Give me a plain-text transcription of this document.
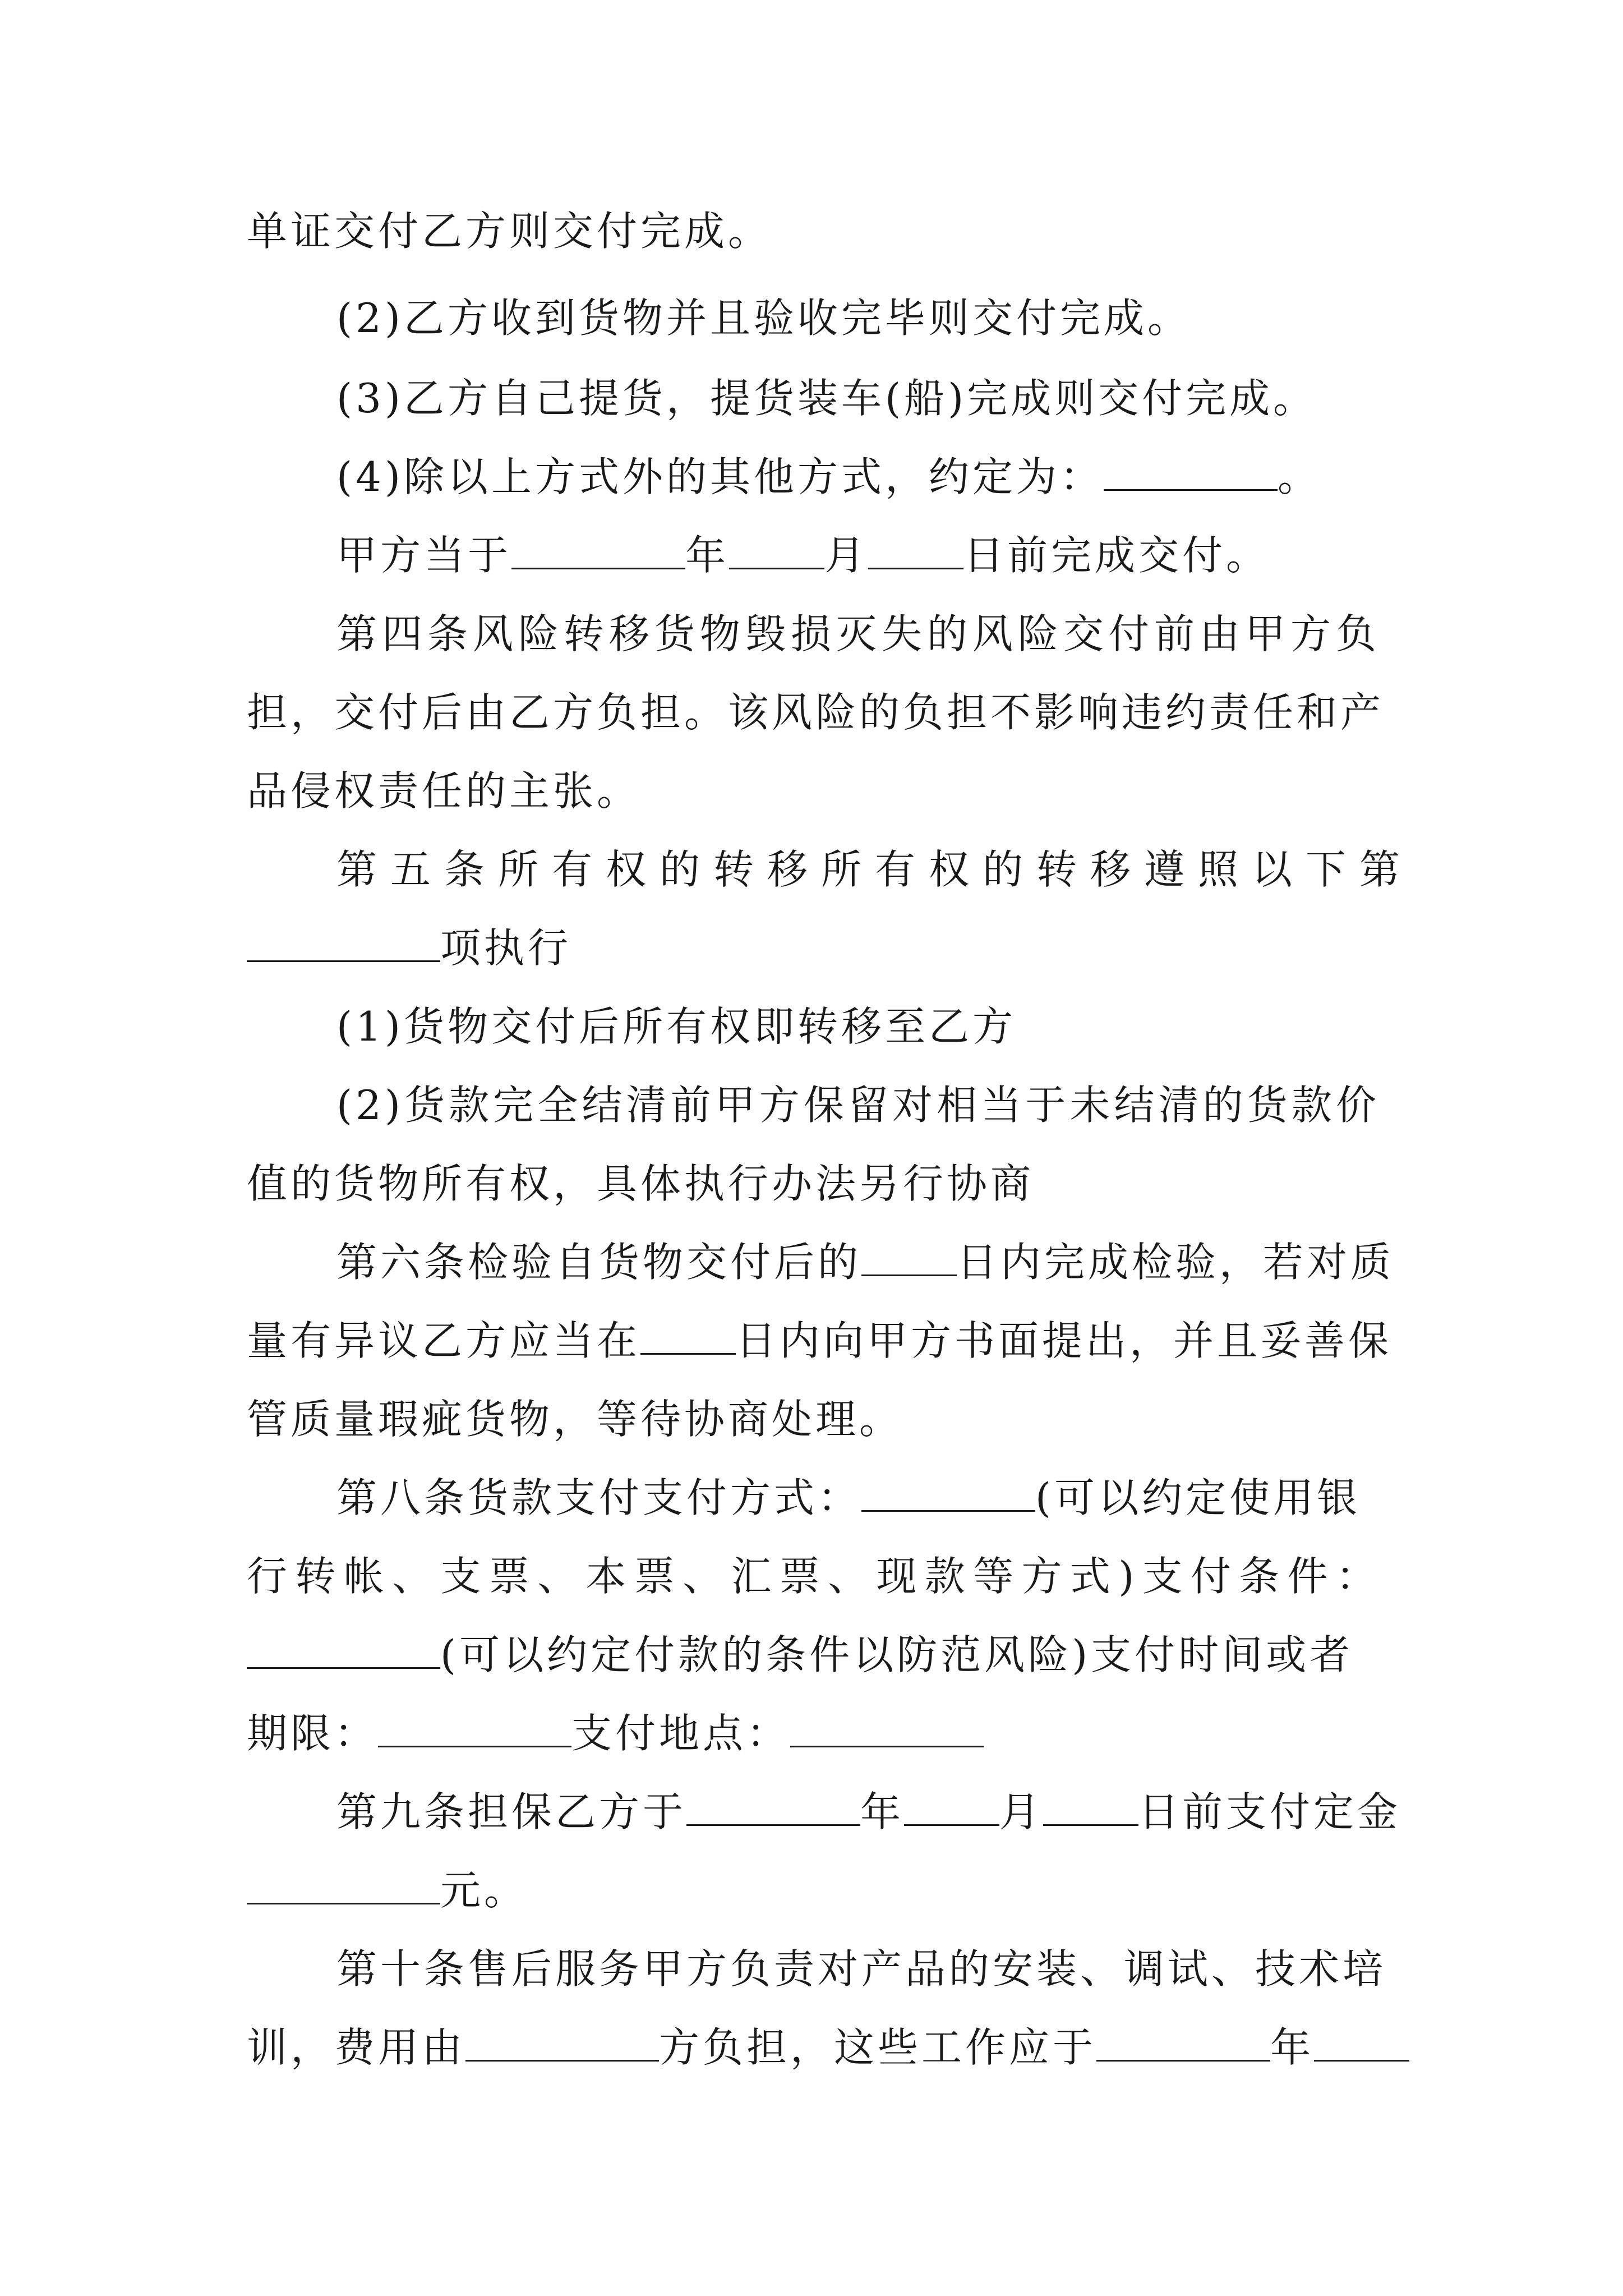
单证交付乙方则交付完成。
(2)乙方收到货物并且验收完毕则交付完成。
(3)乙方自己提货，提货装车(船)完成则交付完成。
(4)除以上方式外的其他方式，约定为：	。
甲方当于	年 月 日前完成交付。
第四条风险转移货物毁损灭失的风险交付前由甲方负
担，交付后由乙方负担。该风险的负担不影响违约责任和产
品侵权责任的主张。
第五条所有权的转移所有权的转移遵照以下第
项执行
(1)货物交付后所有权即转移至乙方
(2)货款完全结清前甲方保留对相当于未结清的货款价
值的货物所有权，具体执行办法另行协商
第六条检验自货物交付后的 日内完成检验，若对质
量有异议乙方应当在 日内向甲方书面提出，并且妥善保
管质量瑕疵货物，等待协商处理。
第八条货款支付支付方式：	(可以约定使用银
行转帐、支票、本票、汇票、现款等方式)支付条件：
(可以约定付款的条件以防范风险)支付时间或者
期限：	支付地点：
第九条担保乙方于	年 月 日前支付定金
元。
第十条售后服务甲方负责对产品的安装、调试、技术培
训，费用由	方负担，这些工作应于	年
